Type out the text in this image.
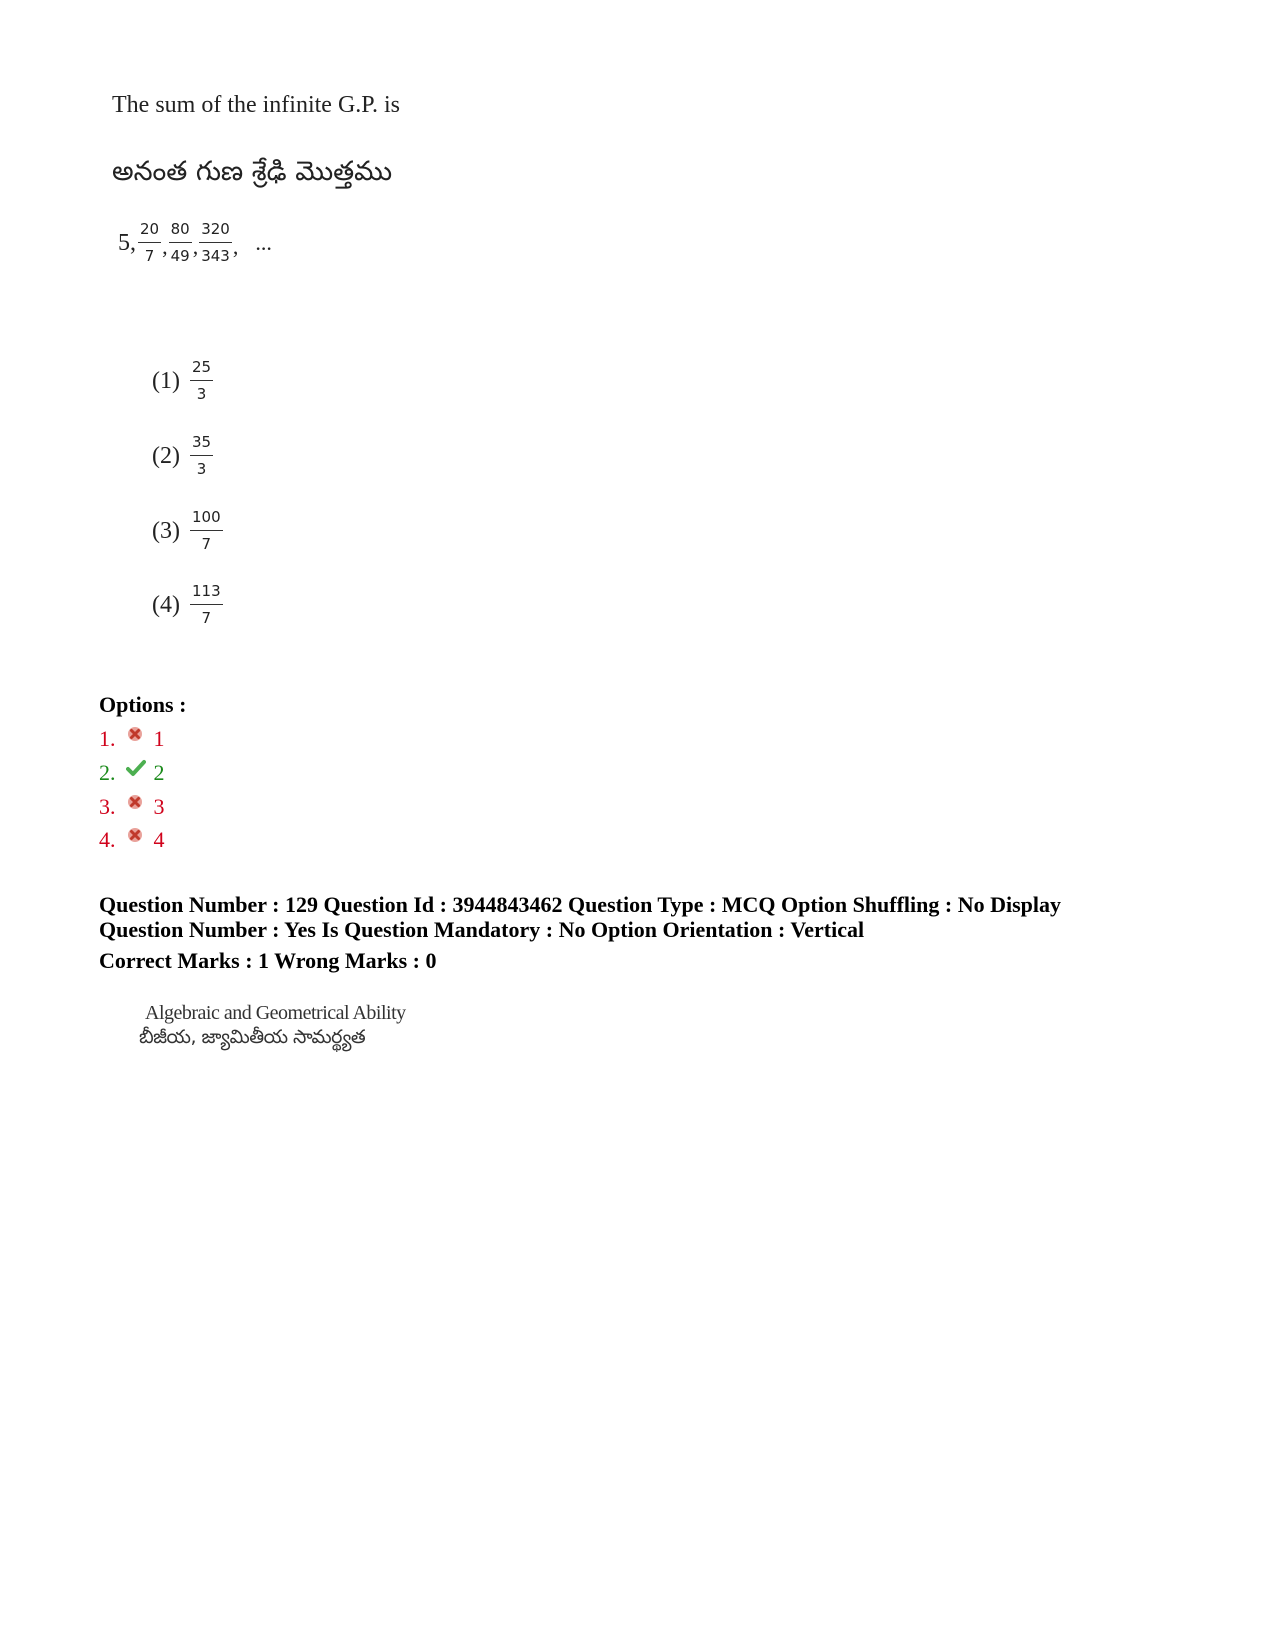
The sum of the infinite G.P. is
అనంత గుణ శ్రేఢి మొత్తము
5, $\frac{20}{7}$ , $\frac{80}{49}$ , $\frac{320}{343}$ , ...
$(1) \frac{25}{3}$
$(2) \frac{35}{3}$
$(3) \frac{100}{7}$
$(4) \frac{113}{7}$
Options :
1. 1
2. 2
3. 3
4. 4
Question Number : 129 Question Id : 3944843462 Question Type : MCQ Option Shuffling : No Display
Question Number : Yes Is Question Mandatory : No Option Orientation : Vertical
Correct Marks : 1 Wrong Marks : 0
Algebraic and Geometrical Ability
బీజీయ, జ్యామితీయ సామర్థ్యత
